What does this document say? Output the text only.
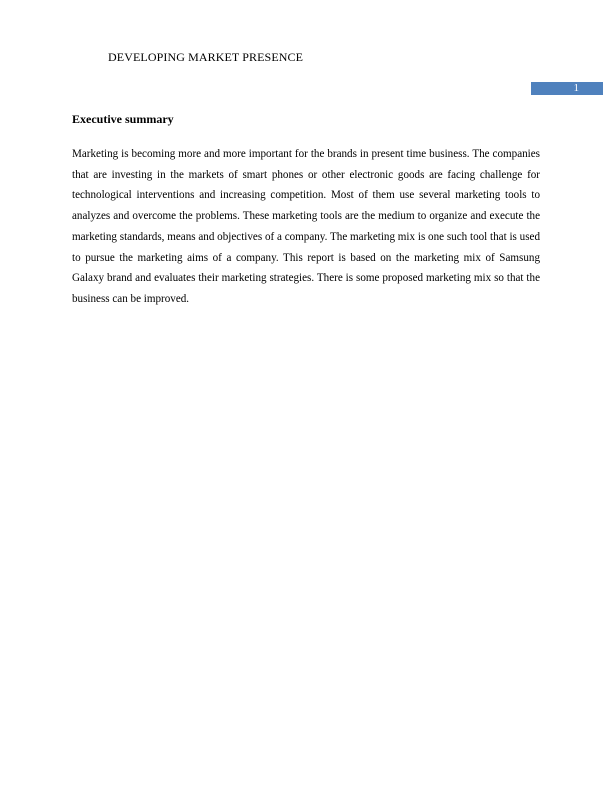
DEVELOPING MARKET PRESENCE
1
Executive summary

Marketing is becoming more and more important for the brands in present time business. The companies that are investing in the markets of smart phones or other electronic goods are facing challenge for technological interventions and increasing competition. Most of them use several marketing tools to analyzes and overcome the problems. These marketing tools are the medium to organize and execute the marketing standards, means and objectives of a company. The marketing mix is one such tool that is used to pursue the marketing aims of a company. This report is based on the marketing mix of Samsung Galaxy brand and evaluates their marketing strategies. There is some proposed marketing mix so that the business can be improved.
